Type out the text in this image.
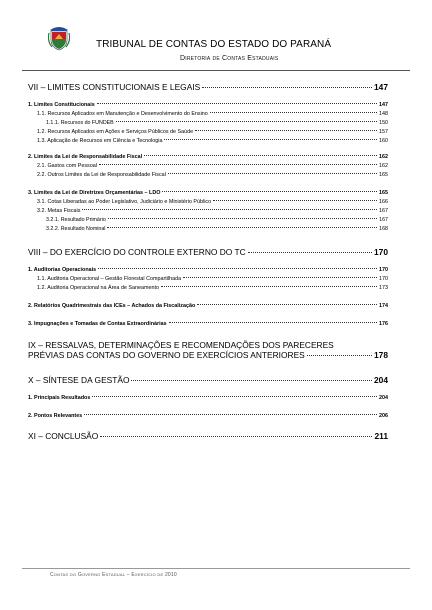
TRIBUNAL DE CONTAS DO ESTADO DO PARANÁ
Diretoria de Contas Estaduais
VII – LIMITES CONSTITUCIONAIS E LEGAIS	147
1. Limites Constitucionais	147
1.1. Recursos Aplicados em Manutenção e Desenvolvimento do Ensino	148
1.1.1. Recursos do FUNDEB	150
1.2. Recursos Aplicados em Ações e Serviços Públicos de Saúde	157
1.3. Aplicação de Recursos em Ciência e Tecnologia	160
2. Limites da Lei de Responsabilidade Fiscal	162
2.1. Gastos com Pessoal	162
2.2. Outros Limites da Lei de Responsabilidade Fiscal	165
3. Limites da Lei de Diretrizes Orçamentárias – LDO	165
3.1. Cotas Liberadas ao Poder Legislativo, Judiciário e Ministério Público	166
3.2. Metas Fiscais	167
3.2.1. Resultado Primário	167
3.2.2. Resultado Nominal	168
VIII – DO EXERCÍCIO DO CONTROLE EXTERNO DO TC	170
1. Auditorias Operacionais	170
1.1. Auditoria Operacional – Gestão Florestal Compartilhada	170
1.2. Auditoria Operacional na Área de Saneamento	173
2. Relatórios Quadrimestrais das ICEs – Achados da Fiscalização	174
3. Impugnações e Tomadas de Contas Extraordinárias	176
IX – RESSALVAS, DETERMINAÇÕES E RECOMENDAÇÕES DOS PARECERES
PRÉVIAS DAS CONTAS DO GOVERNO DE EXERCÍCIOS ANTERIORES	178
X – SÍNTESE DA GESTÃO	204
1. Principais Resultados	204
2. Pontos Relevantes	206
XI – CONCLUSÃO	211
Contas do Governo Estadual – Exercício de 2010
